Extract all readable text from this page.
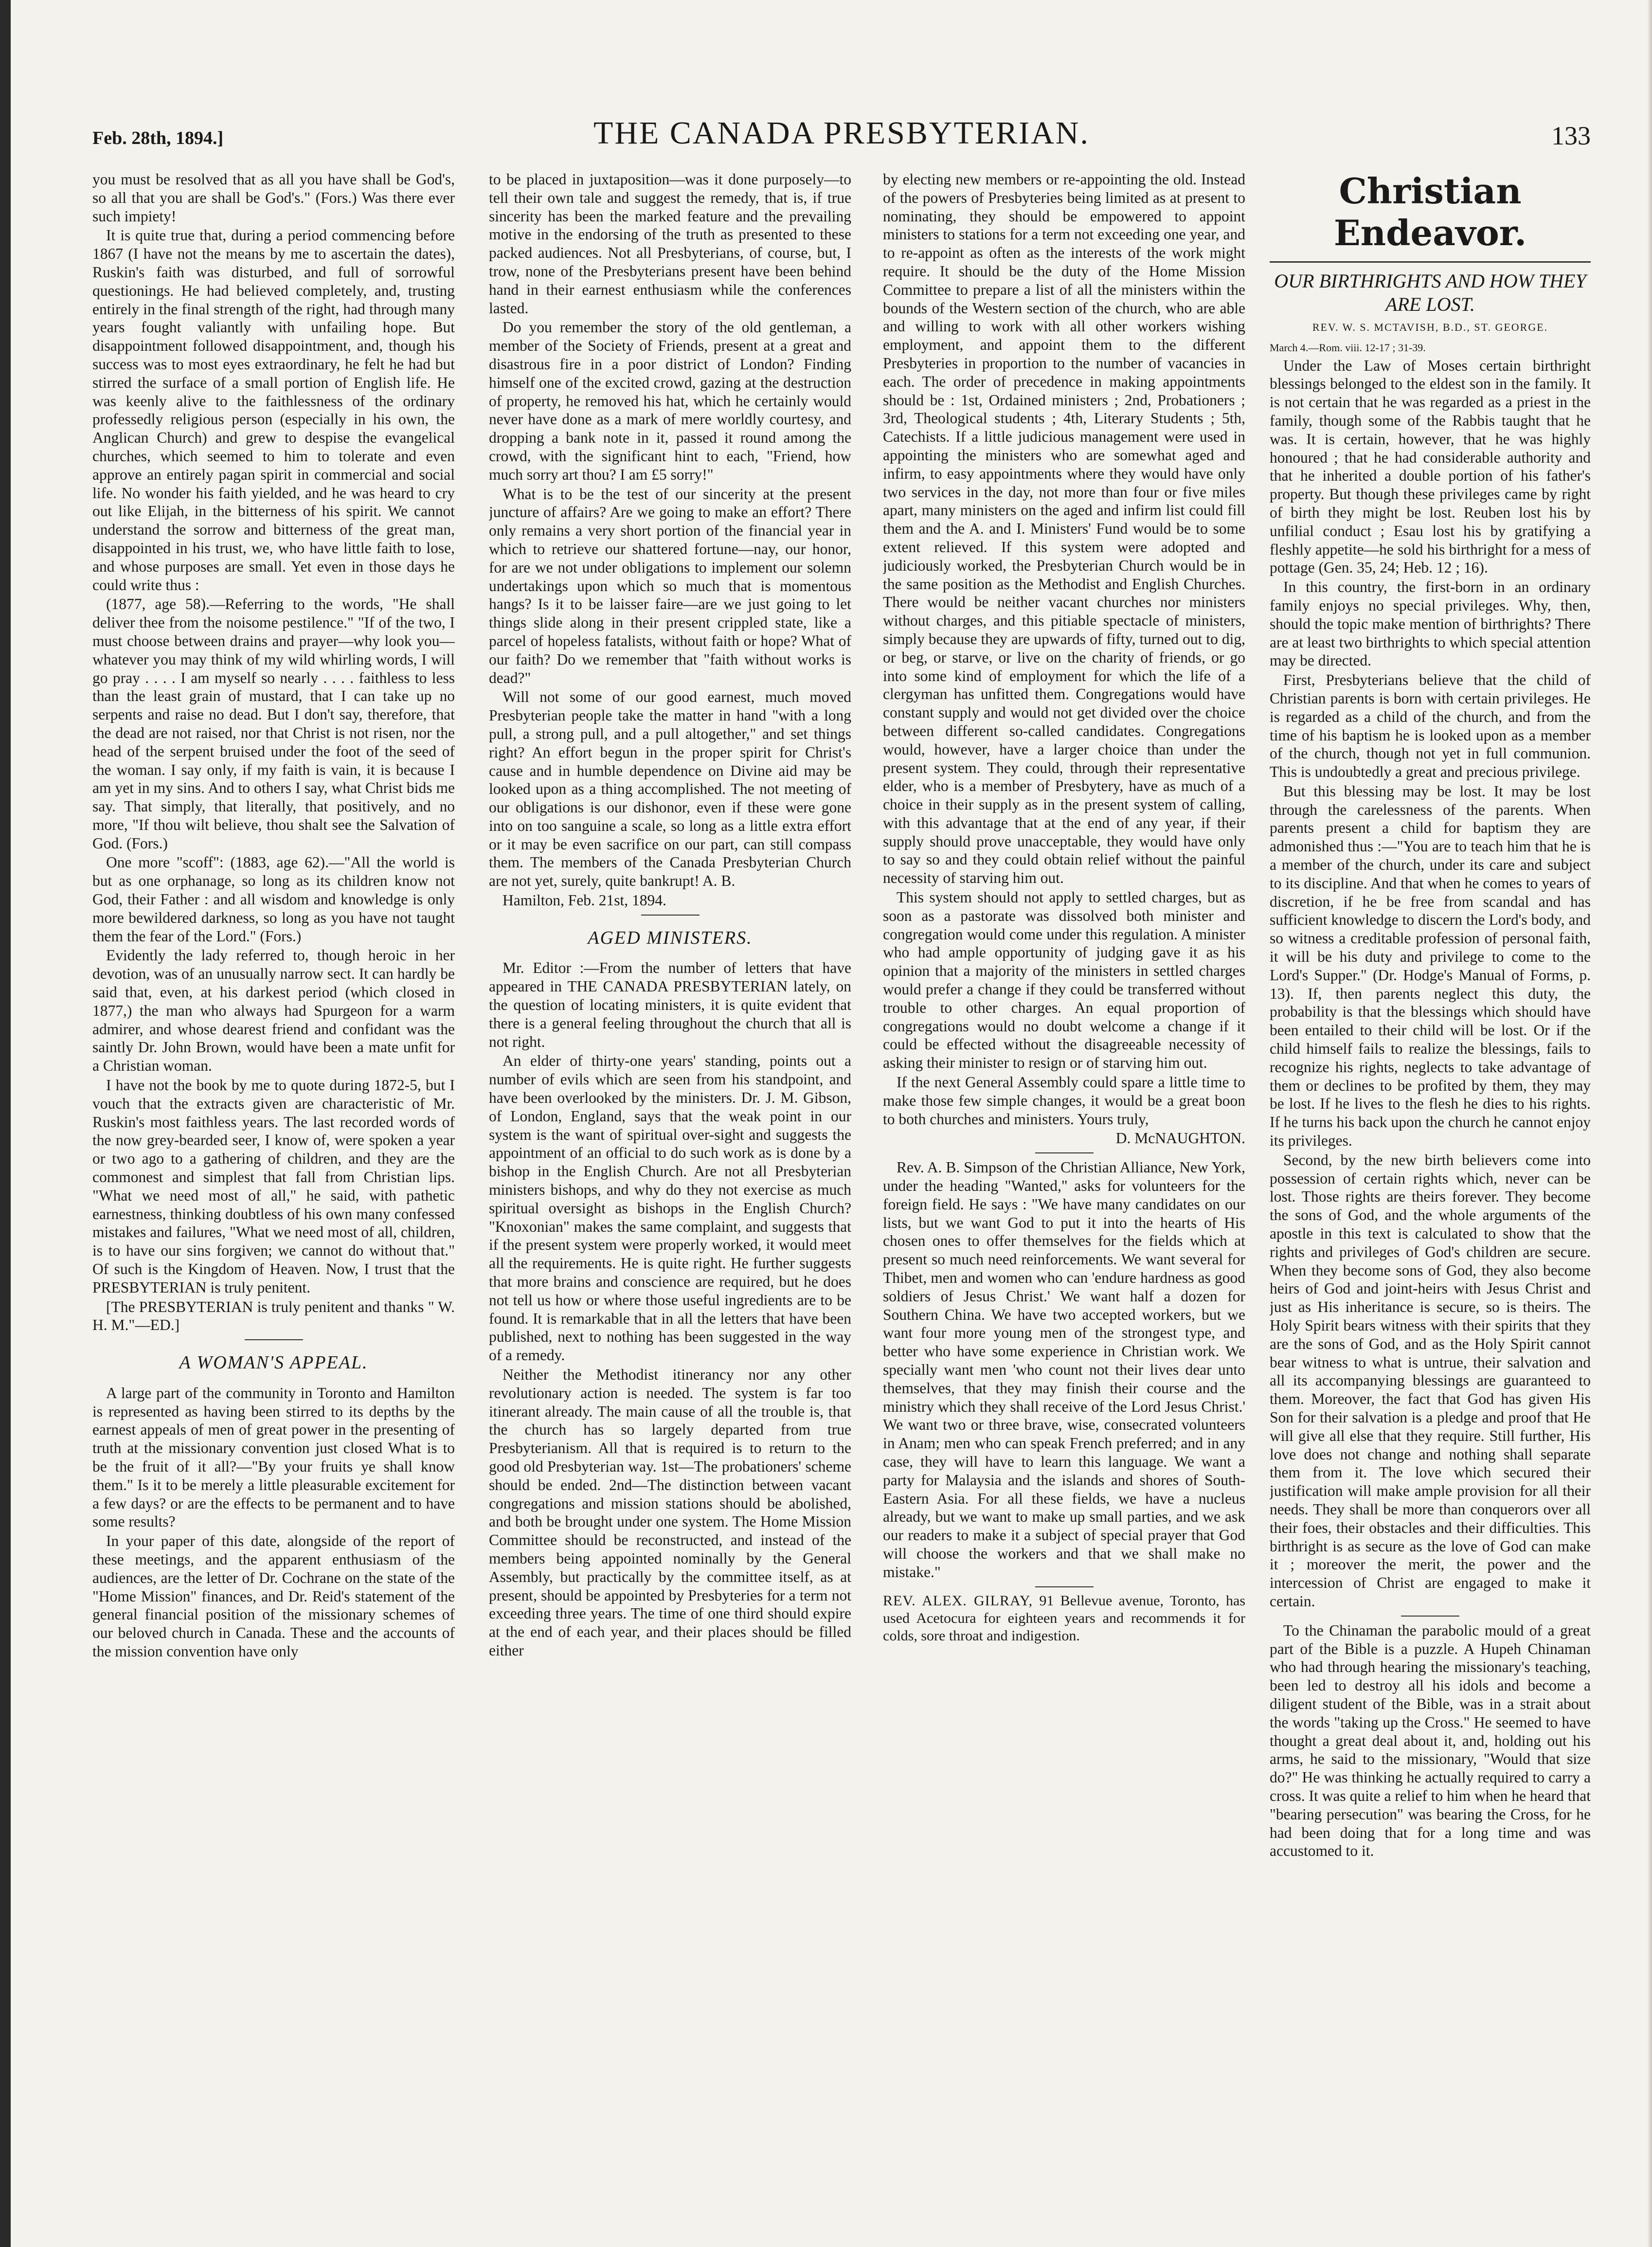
Feb. 28th, 1894.]	THE CANADA PRESBYTERIAN.	133

you must be resolved that as all you have shall be God's, so all that you are shall be God's." (Fors.) Was there ever such impiety!

It is quite true that, during a period commencing before 1867 (I have not the means by me to ascertain the dates), Ruskin's faith was disturbed, and full of sorrowful questionings. He had believed completely, and, trusting entirely in the final strength of the right, had through many years fought valiantly with unfailing hope. But disappointment followed disappointment, and, though his success was to most eyes extraordinary, he felt he had but stirred the surface of a small portion of English life. He was keenly alive to the faithlessness of the ordinary professedly religious person (especially in his own, the Anglican Church) and grew to despise the evangelical churches, which seemed to him to tolerate and even approve an entirely pagan spirit in commercial and social life. No wonder his faith yielded, and he was heard to cry out like Elijah, in the bitterness of his spirit. We cannot understand the sorrow and bitterness of the great man, disappointed in his trust, we, who have little faith to lose, and whose purposes are small. Yet even in those days he could write thus :

(1877, age 58).—Referring to the words, "He shall deliver thee from the noisome pestilence." "If of the two, I must choose between drains and prayer—why look you—whatever you may think of my wild whirling words, I will go pray . . . . I am myself so nearly . . . . faithless to less than the least grain of mustard, that I can take up no serpents and raise no dead. But I don't say, therefore, that the dead are not raised, nor that Christ is not risen, nor the head of the serpent bruised under the foot of the seed of the woman. I say only, if my faith is vain, it is because I am yet in my sins. And to others I say, what Christ bids me say. That simply, that literally, that positively, and no more, "If thou wilt believe, thou shalt see the Salvation of God. (Fors.)

One more "scoff": (1883, age 62).—"All the world is but as one orphanage, so long as its children know not God, their Father : and all wisdom and knowledge is only more bewildered darkness, so long as you have not taught them the fear of the Lord." (Fors.)

Evidently the lady referred to, though heroic in her devotion, was of an unusually narrow sect. It can hardly be said that, even, at his darkest period (which closed in 1877,) the man who always had Spurgeon for a warm admirer, and whose dearest friend and confidant was the saintly Dr. John Brown, would have been a mate unfit for a Christian woman.

I have not the book by me to quote during 1872-5, but I vouch that the extracts given are characteristic of Mr. Ruskin's most faithless years. The last recorded words of the now grey-bearded seer, I know of, were spoken a year or two ago to a gathering of children, and they are the commonest and simplest that fall from Christian lips. "What we need most of all," he said, with pathetic earnestness, thinking doubtless of his own many confessed mistakes and failures, "What we need most of all, children, is to have our sins forgiven; we cannot do without that." Of such is the Kingdom of Heaven. Now, I trust that the PRESBYTERIAN is truly penitent.

[The PRESBYTERIAN is truly penitent and thanks " W. H. M."—ED.]

A WOMAN'S APPEAL.

A large part of the community in Toronto and Hamilton is represented as having been stirred to its depths by the earnest appeals of men of great power in the presenting of truth at the missionary convention just closed What is to be the fruit of it all?—"By your fruits ye shall know them." Is it to be merely a little pleasurable excitement for a few days? or are the effects to be permanent and to have some results?

In your paper of this date, alongside of the report of these meetings, and the apparent enthusiasm of the audiences, are the letter of Dr. Cochrane on the state of the "Home Mission" finances, and Dr. Reid's statement of the general financial position of the missionary schemes of our beloved church in Canada. These and the accounts of the mission convention have only

to be placed in juxtaposition—was it done purposely—to tell their own tale and suggest the remedy, that is, if true sincerity has been the marked feature and the prevailing motive in the endorsing of the truth as presented to these packed audiences. Not all Presbyterians, of course, but, I trow, none of the Presbyterians present have been behind hand in their earnest enthusiasm while the conferences lasted.

Do you remember the story of the old gentleman, a member of the Society of Friends, present at a great and disastrous fire in a poor district of London? Finding himself one of the excited crowd, gazing at the destruction of property, he removed his hat, which he certainly would never have done as a mark of mere worldly courtesy, and dropping a bank note in it, passed it round among the crowd, with the significant hint to each, "Friend, how much sorry art thou? I am £5 sorry!"

What is to be the test of our sincerity at the present juncture of affairs? Are we going to make an effort? There only remains a very short portion of the financial year in which to retrieve our shattered fortune—nay, our honor, for are we not under obligations to implement our solemn undertakings upon which so much that is momentous hangs? Is it to be laisser faire—are we just going to let things slide along in their present crippled state, like a parcel of hopeless fatalists, without faith or hope? What of our faith? Do we remember that "faith without works is dead?"

Will not some of our good earnest, much moved Presbyterian people take the matter in hand "with a long pull, a strong pull, and a pull altogether," and set things right? An effort begun in the proper spirit for Christ's cause and in humble dependence on Divine aid may be looked upon as a thing accomplished. The not meeting of our obligations is our dishonor, even if these were gone into on too sanguine a scale, so long as a little extra effort or it may be even sacrifice on our part, can still compass them. The members of the Canada Presbyterian Church are not yet, surely, quite bankrupt! A. B.

Hamilton, Feb. 21st, 1894.

AGED MINISTERS.

Mr. Editor :—From the number of letters that have appeared in THE CANADA PRESBYTERIAN lately, on the question of locating ministers, it is quite evident that there is a general feeling throughout the church that all is not right.

An elder of thirty-one years' standing, points out a number of evils which are seen from his standpoint, and have been overlooked by the ministers. Dr. J. M. Gibson, of London, England, says that the weak point in our system is the want of spiritual over-sight and suggests the appointment of an official to do such work as is done by a bishop in the English Church. Are not all Presbyterian ministers bishops, and why do they not exercise as much spiritual oversight as bishops in the English Church? "Knoxonian" makes the same complaint, and suggests that if the present system were properly worked, it would meet all the requirements. He is quite right. He further suggests that more brains and conscience are required, but he does not tell us how or where those useful ingredients are to be found. It is remarkable that in all the letters that have been published, next to nothing has been suggested in the way of a remedy.

Neither the Methodist itinerancy nor any other revolutionary action is needed. The system is far too itinerant already. The main cause of all the trouble is, that the church has so largely departed from true Presbyterianism. All that is required is to return to the good old Presbyterian way. 1st—The probationers' scheme should be ended. 2nd—The distinction between vacant congregations and mission stations should be abolished, and both be brought under one system. The Home Mission Committee should be reconstructed, and instead of the members being appointed nominally by the General Assembly, but practically by the committee itself, as at present, should be appointed by Presbyteries for a term not exceeding three years. The time of one third should expire at the end of each year, and their places should be filled either

by electing new members or re-appointing the old. Instead of the powers of Presbyteries being limited as at present to nominating, they should be empowered to appoint ministers to stations for a term not exceeding one year, and to re-appoint as often as the interests of the work might require. It should be the duty of the Home Mission Committee to prepare a list of all the ministers within the bounds of the Western section of the church, who are able and willing to work with all other workers wishing employment, and appoint them to the different Presbyteries in proportion to the number of vacancies in each. The order of precedence in making appointments should be : 1st, Ordained ministers ; 2nd, Probationers ; 3rd, Theological students ; 4th, Literary Students ; 5th, Catechists. If a little judicious management were used in appointing the ministers who are somewhat aged and infirm, to easy appointments where they would have only two services in the day, not more than four or five miles apart, many ministers on the aged and infirm list could fill them and the A. and I. Ministers' Fund would be to some extent relieved. If this system were adopted and judiciously worked, the Presbyterian Church would be in the same position as the Methodist and English Churches. There would be neither vacant churches nor ministers without charges, and this pitiable spectacle of ministers, simply because they are upwards of fifty, turned out to dig, or beg, or starve, or live on the charity of friends, or go into some kind of employment for which the life of a clergyman has unfitted them. Congregations would have constant supply and would not get divided over the choice between different so-called candidates. Congregations would, however, have a larger choice than under the present system. They could, through their representative elder, who is a member of Presbytery, have as much of a choice in their supply as in the present system of calling, with this advantage that at the end of any year, if their supply should prove unacceptable, they would have only to say so and they could obtain relief without the painful necessity of starving him out.

This system should not apply to settled charges, but as soon as a pastorate was dissolved both minister and congregation would come under this regulation. A minister who had ample opportunity of judging gave it as his opinion that a majority of the ministers in settled charges would prefer a change if they could be transferred without trouble to other charges. An equal proportion of congregations would no doubt welcome a change if it could be effected without the disagreeable necessity of asking their minister to resign or of starving him out.

If the next General Assembly could spare a little time to make those few simple changes, it would be a great boon to both churches and ministers. Yours truly,

D. McNAUGHTON.

Rev. A. B. Simpson of the Christian Alliance, New York, under the heading "Wanted," asks for volunteers for the foreign field. He says : "We have many candidates on our lists, but we want God to put it into the hearts of His chosen ones to offer themselves for the fields which at present so much need reinforcements. We want several for Thibet, men and women who can 'endure hardness as good soldiers of Jesus Christ.' We want half a dozen for Southern China. We have two accepted workers, but we want four more young men of the strongest type, and better who have some experience in Christian work. We specially want men 'who count not their lives dear unto themselves, that they may finish their course and the ministry which they shall receive of the Lord Jesus Christ.' We want two or three brave, wise, consecrated volunteers in Anam; men who can speak French preferred; and in any case, they will have to learn this language. We want a party for Malaysia and the islands and shores of South-Eastern Asia. For all these fields, we have a nucleus already, but we want to make up small parties, and we ask our readers to make it a subject of special prayer that God will choose the workers and that we shall make no mistake."

REV. ALEX. GILRAY, 91 Bellevue avenue, Toronto, has used Acetocura for eighteen years and recommends it for colds, sore throat and indigestion.

Christian Endeavor.
OUR BIRTHRIGHTS AND HOW THEY ARE LOST.
REV. W. S. MCTAVISH, B.D., ST. GEORGE.
March 4.—Rom. viii. 12-17 ; 31-39.

Under the Law of Moses certain birthright blessings belonged to the eldest son in the family. It is not certain that he was regarded as a priest in the family, though some of the Rabbis taught that he was. It is certain, however, that he was highly honoured ; that he had considerable authority and that he inherited a double portion of his father's property. But though these privileges came by right of birth they might be lost. Reuben lost his by unfilial conduct ; Esau lost his by gratifying a fleshly appetite—he sold his birthright for a mess of pottage (Gen. 35, 24; Heb. 12 ; 16).

In this country, the first-born in an ordinary family enjoys no special privileges. Why, then, should the topic make mention of birthrights? There are at least two birthrights to which special attention may be directed.

First, Presbyterians believe that the child of Christian parents is born with certain privileges. He is regarded as a child of the church, and from the time of his baptism he is looked upon as a member of the church, though not yet in full communion. This is undoubtedly a great and precious privilege.

But this blessing may be lost. It may be lost through the carelessness of the parents. When parents present a child for baptism they are admonished thus :—"You are to teach him that he is a member of the church, under its care and subject to its discipline. And that when he comes to years of discretion, if he be free from scandal and has sufficient knowledge to discern the Lord's body, and so witness a creditable profession of personal faith, it will be his duty and privilege to come to the Lord's Supper." (Dr. Hodge's Manual of Forms, p. 13). If, then parents neglect this duty, the probability is that the blessings which should have been entailed to their child will be lost. Or if the child himself fails to realize the blessings, fails to recognize his rights, neglects to take advantage of them or declines to be profited by them, they may be lost. If he lives to the flesh he dies to his rights. If he turns his back upon the church he cannot enjoy its privileges.

Second, by the new birth believers come into possession of certain rights which, never can be lost. Those rights are theirs forever. They become the sons of God, and the whole arguments of the apostle in this text is calculated to show that the rights and privileges of God's children are secure. When they become sons of God, they also become heirs of God and joint-heirs with Jesus Christ and just as His inheritance is secure, so is theirs. The Holy Spirit bears witness with their spirits that they are the sons of God, and as the Holy Spirit cannot bear witness to what is untrue, their salvation and all its accompanying blessings are guaranteed to them. Moreover, the fact that God has given His Son for their salvation is a pledge and proof that He will give all else that they require. Still further, His love does not change and nothing shall separate them from it. The love which secured their justification will make ample provision for all their needs. They shall be more than conquerors over all their foes, their obstacles and their difficulties. This birthright is as secure as the love of God can make it ; moreover the merit, the power and the intercession of Christ are engaged to make it certain.

To the Chinaman the parabolic mould of a great part of the Bible is a puzzle. A Hupeh Chinaman who had through hearing the missionary's teaching, been led to destroy all his idols and become a diligent student of the Bible, was in a strait about the words "taking up the Cross." He seemed to have thought a great deal about it, and, holding out his arms, he said to the missionary, "Would that size do?" He was thinking he actually required to carry a cross. It was quite a relief to him when he heard that "bearing persecution" was bearing the Cross, for he had been doing that for a long time and was accustomed to it.
